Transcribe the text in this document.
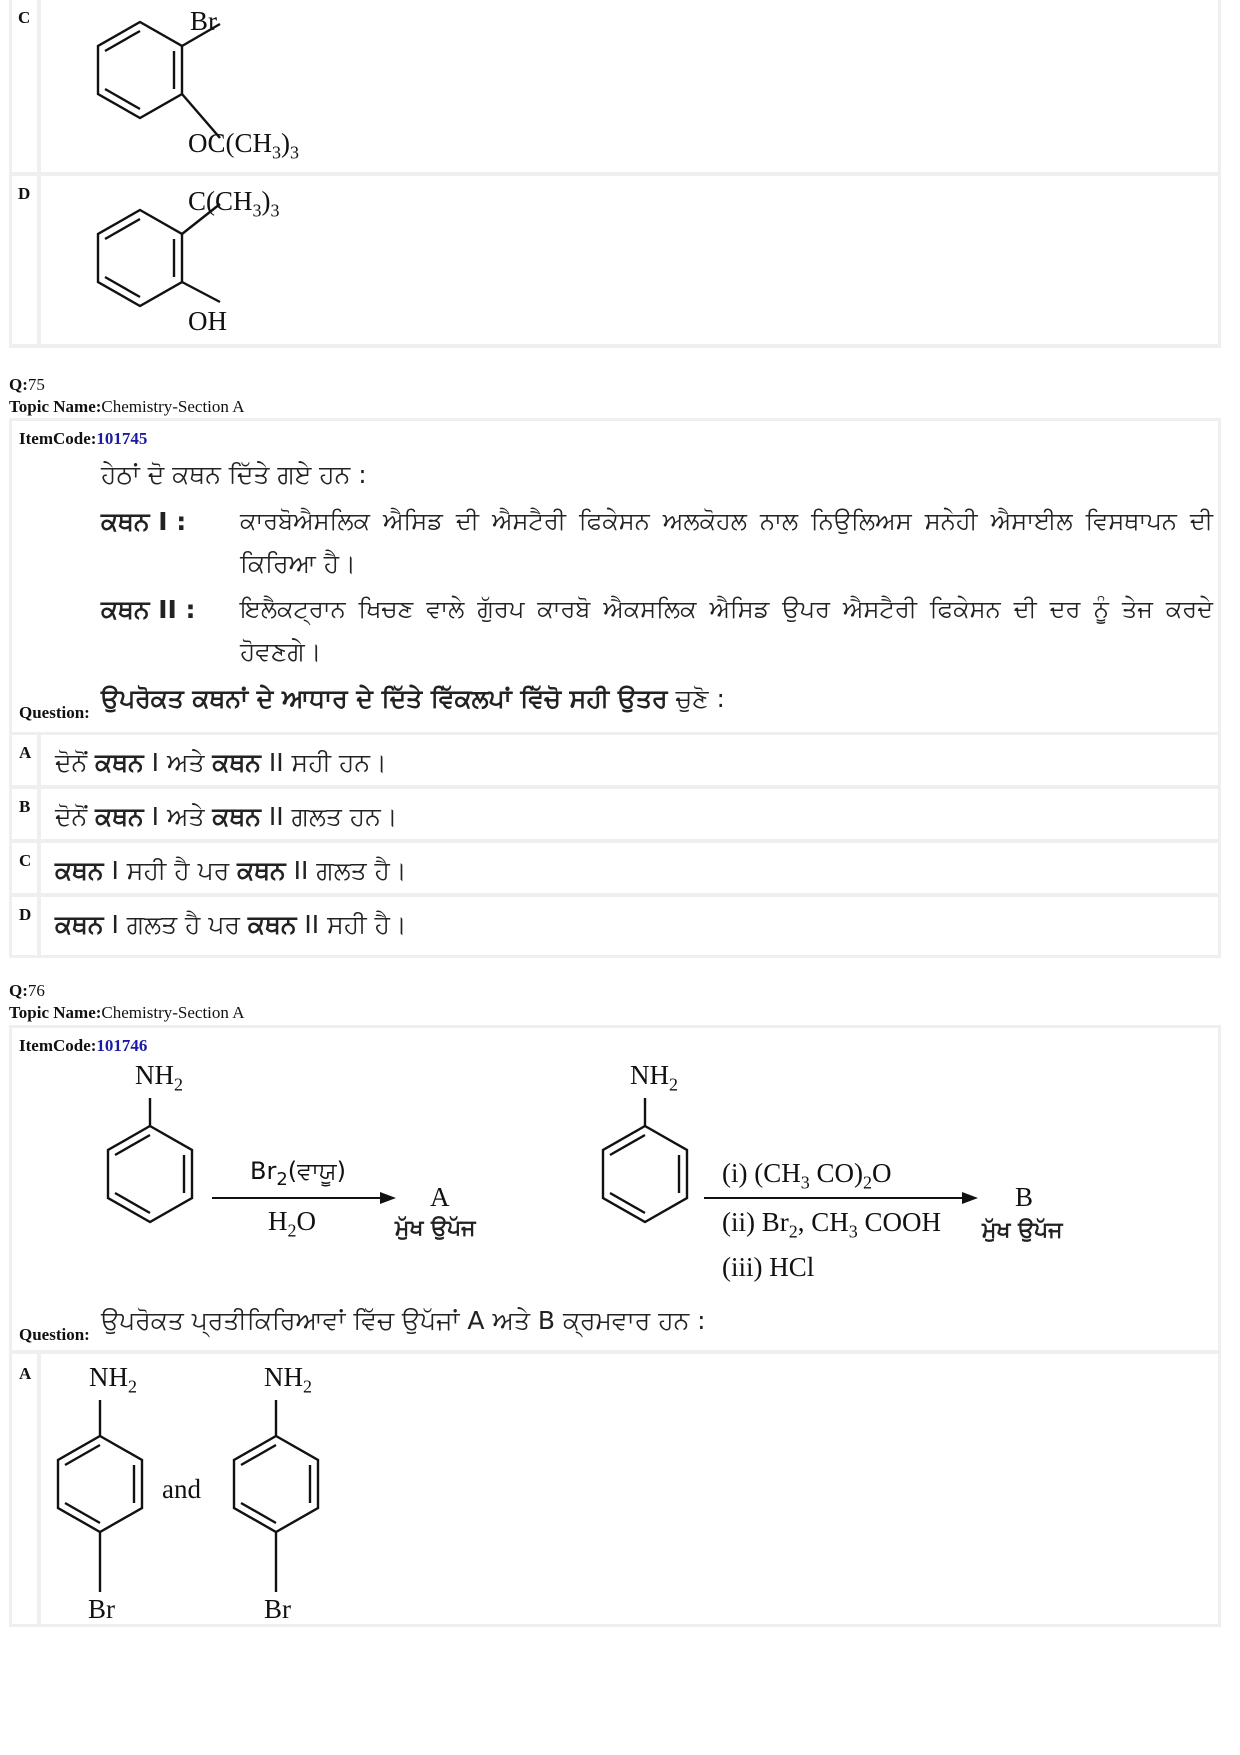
C	Br
$OC(CH_3)_3$
D	$C(CH_3)_3$
OH
Q:75
Topic Name:Chemistry-Section A
ItemCode:101745
ਹੇਠਾਂ ਦੋ ਕਥਨ ਦਿੱਤੇ ਗਏ ਹਨ :
ਕਥਨ I : ਕਾਰਬੋਐਸਲਿਕ ਐਸਿਡ ਦੀ ਐਸਟੈਰੀ ਫਿਕੇਸਨ ਅਲਕੋਹਲ ਨਾਲ ਨਿਉਲਿਅਸ ਸਨੇਹੀ ਐਸਾਈਲ ਵਿਸਥਾਪਨ ਦੀ
ਕਿਰਿਆ ਹੈ।
ਕਥਨ II : ਇਲੈਕਟ੍ਰਾਨ ਖਿਚਣ ਵਾਲੇ ਗੁੱਰਪ ਕਾਰਬੋ ਐਕਸਲਿਕ ਐਸਿਡ ਉਪਰ ਐਸਟੈਰੀ ਫਿਕੇਸਨ ਦੀ ਦਰ ਨੂੰ ਤੇਜ ਕਰਦੇ
ਹੋਵਣਗੇ।
Question: ਉਪਰੋਕਤ ਕਥਨਾਂ ਦੇ ਆਧਾਰ ਦੇ ਦਿੱਤੇ ਵਿੱਕਲਪਾਂ ਵਿੱਚੋ ਸਹੀ ਉਤਰ ਚੁਣੋ :
A ਦੋਨੋਂ ਕਥਨ I ਅਤੇ ਕਥਨ II ਸਹੀ ਹਨ।
B ਦੋਨੋਂ ਕਥਨ I ਅਤੇ ਕਥਨ II ਗਲਤ ਹਨ।
C ਕਥਨ I ਸਹੀ ਹੈ ਪਰ ਕਥਨ II ਗਲਤ ਹੈ।
D ਕਥਨ I ਗਲਤ ਹੈ ਪਰ ਕਥਨ II ਸਹੀ ਹੈ।
Q:76
Topic Name:Chemistry-Section A
ItemCode:101746
$NH_2$
$Br_2(ਵਾਯੂ)$
$H_2O$
A
ਮੁੱਖ ਉਪੱਜ
$NH_2$
(i) ($CH_3$ $CO)_2O$
(ii) $Br_2$, $CH_3$ COOH
(iii) HCl
B
ਮੁੱਖ ਉਪੱਜ
Question: ਉਪਰੋਕਤ ਪ੍ਰਤੀਕਿਰਿਆਵਾਂ ਵਿੱਚ ਉਪੱਜਾਂ A ਅਤੇ B ਕ੍ਰਮਵਾਰ ਹਨ :
A $NH_2$
Br
and
$NH_2$
Br
